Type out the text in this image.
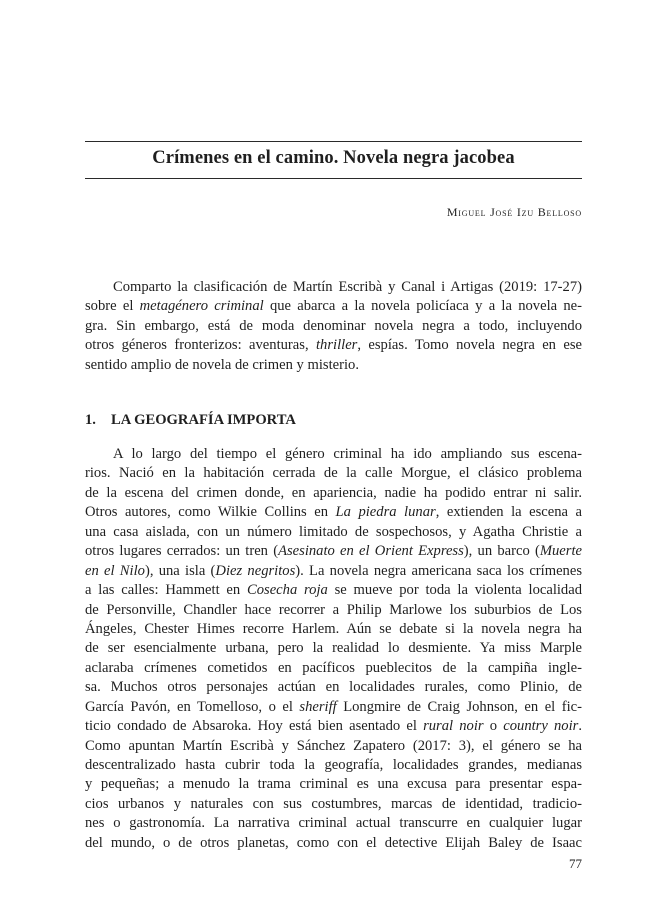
Crímenes en el camino. Novela negra jacobea
Miguel José Izu Belloso
Comparto la clasificación de Martín Escribà y Canal i Artigas (2019: 17-27)
sobre el metagénero criminal que abarca a la novela policíaca y a la novela ne-
gra. Sin embargo, está de moda denominar novela negra a todo, incluyendo
otros géneros fronterizos: aventuras, thriller, espías. Tomo novela negra en ese
sentido amplio de novela de crimen y misterio.
1. LA GEOGRAFÍA IMPORTA
A lo largo del tiempo el género criminal ha ido ampliando sus escena-
rios. Nació en la habitación cerrada de la calle Morgue, el clásico problema
de la escena del crimen donde, en apariencia, nadie ha podido entrar ni salir.
Otros autores, como Wilkie Collins en La piedra lunar, extienden la escena a
una casa aislada, con un número limitado de sospechosos, y Agatha Christie a
otros lugares cerrados: un tren (Asesinato en el Orient Express), un barco (Muerte
en el Nilo), una isla (Diez negritos). La novela negra americana saca los crímenes
a las calles: Hammett en Cosecha roja se mueve por toda la violenta localidad
de Personville, Chandler hace recorrer a Philip Marlowe los suburbios de Los
Ángeles, Chester Himes recorre Harlem. Aún se debate si la novela negra ha
de ser esencialmente urbana, pero la realidad lo desmiente. Ya miss Marple
aclaraba crímenes cometidos en pacíficos pueblecitos de la campiña ingle-
sa. Muchos otros personajes actúan en localidades rurales, como Plinio, de
García Pavón, en Tomelloso, o el sheriff Longmire de Craig Johnson, en el fic-
ticio condado de Absaroka. Hoy está bien asentado el rural noir o country noir.
Como apuntan Martín Escribà y Sánchez Zapatero (2017: 3), el género se ha
descentralizado hasta cubrir toda la geografía, localidades grandes, medianas
y pequeñas; a menudo la trama criminal es una excusa para presentar espa-
cios urbanos y naturales con sus costumbres, marcas de identidad, tradicio-
nes o gastronomía. La narrativa criminal actual transcurre en cualquier lugar
del mundo, o de otros planetas, como con el detective Elijah Baley de Isaac
77
